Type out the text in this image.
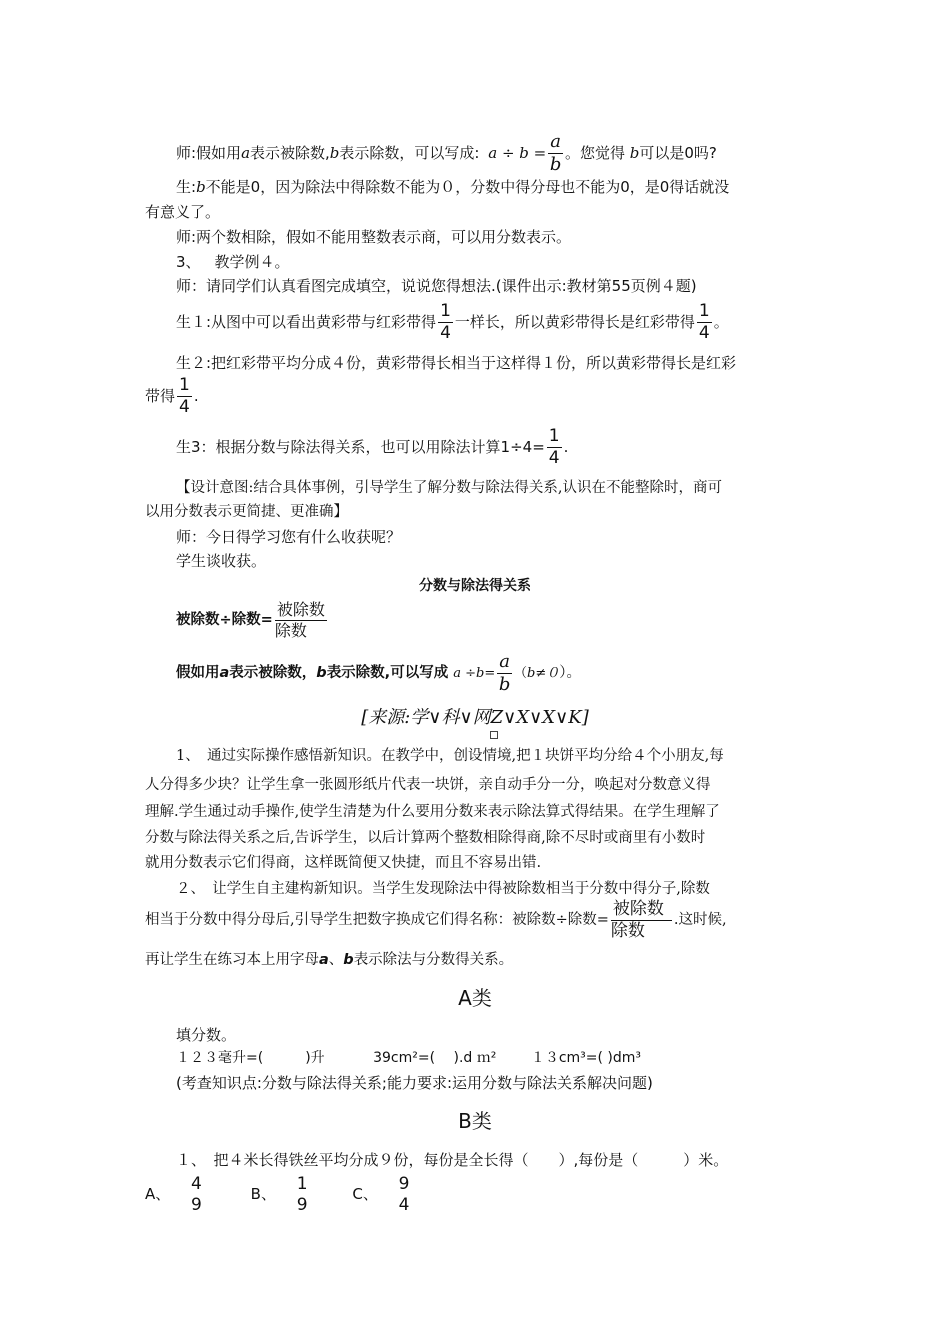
师:假如用a表示被除数,b表示除数，可以写成: $a \div b = \frac{a}{b}$ 。您觉得 b可以是0吗?
生:b不能是0，因为除法中得除数不能为０，分数中得分母也不能为0，是0得话就没
有意义了。
师:两个数相除，假如不能用整数表示商，可以用分数表示。
3、 教学例４。
师：请同学们认真看图完成填空，说说您得想法.(课件出示:教材第55页例４题)
生１:从图中可以看出黄彩带与红彩带得 $\frac{1}{4}$ 一样长，所以黄彩带得长是红彩带得 $\frac{1}{4}$ 。
生２:把红彩带平均分成４份，黄彩带得长相当于这样得１份，所以黄彩带得长是红彩
带得 $\frac{1}{4}$ .
生3：根据分数与除法得关系，也可以用除法计算$1\div 4= \frac{1}{4}$ .
【设计意图:结合具体事例，引导学生了解分数与除法得关系,认识在不能整除时，商可
以用分数表示更简捷、更准确】
师：今日得学习您有什么收获呢？
学生谈收获。
分数与除法得关系
被除数÷除数= $\frac{\text{被除数}}{\text{除数}}$
假如用a表示被除数，b表示除数,可以写成 $a \div b= \frac{a}{b} (b\ne 0)$。
[来源:学∨科∨网Z∨X∨X∨K]
1、　通过实际操作感悟新知识。在教学中，创设情境,把１块饼平均分给４个小朋友,每
人分得多少块？让学生拿一张圆形纸片代表一块饼，亲自动手分一分，唤起对分数意义得
理解.学生通过动手操作,使学生清楚为什么要用分数来表示除法算式得结果。在学生理解了
分数与除法得关系之后,告诉学生，以后计算两个整数相除得商,除不尽时或商里有小数时
就用分数表示它们得商，这样既简便又快捷，而且不容易出错.
２、　让学生自主建构新知识。当学生发现除法中得被除数相当于分数中得分子,除数
相当于分数中得分母后,引导学生把数字换成它们得名称：被除数÷除数= $\frac{\text{被除数}}{\text{除数}}$ .这时候,
再让学生在练习本上用字母a、b表示除法与分数得关系。
A类
填分数。
１２３毫升=(　　　)升	39cm²=(　 ).d ｍ² １３cm³=( )dm³
(考查知识点:分数与除法得关系;能力要求:运用分数与除法关系解决问题)
B类
１、　把４米长得铁丝平均分成９份，每份是全长得（　　）,每份是（　　　）米。
A、
4
9
B、
1
9
C、
9
4
